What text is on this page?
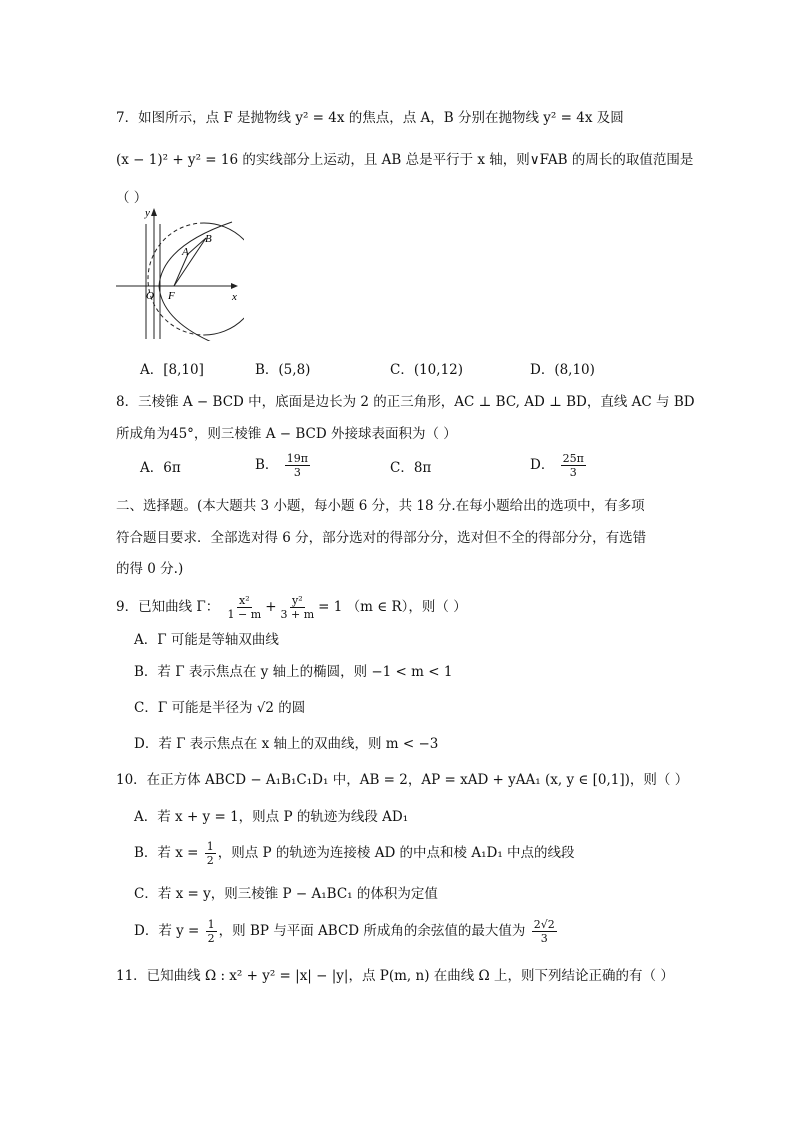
7．如图所示，点 F 是抛物线 y² = 4x 的焦点，点 A，B 分别在抛物线 y² = 4x 及圆
(x − 1)² + y² = 16 的实线部分上运动，且 AB 总是平行于 x 轴，则∨FAB 的周长的取值范围是
（ ）
y
x
O F
A
B
A．[8,10]	B．(5,8)	C．(10,12)	D．(8,10)
8．三棱锥 A − BCD 中，底面是边长为 2 的正三角形，AC ⊥ BC, AD ⊥ BD，直线 AC 与 BD
所成角为45°，则三棱锥 A − BCD 外接球表面积为（ ）
A．6π	B． $\frac{19\pi}{3}$	C．8π	D． $\frac{25\pi}{3}$
二、选择题。(本大题共 3 小题，每小题 6 分，共 18 分.在每小题给出的选项中，有多项
符合题目要求．全部选对得 6 分，部分选对的得部分分，选对但不全的得部分分，有选错
的得 0 分.)
9．已知曲线 Γ： $\frac{\text{x²}}{1 - m} + \frac{\text{y²}}{3 + m} = 1$ （m ∈ R），则（ ）
A．Γ 可能是等轴双曲线
B．若 Γ 表示焦点在 y 轴上的椭圆，则 −1 < m < 1
C．Γ 可能是半径为 √2 的圆
D．若 Γ 表示焦点在 x 轴上的双曲线，则 m < −3
10．在正方体 ABCD − A₁B₁C₁D₁ 中，AB = 2，AP = xAD + yAA₁ (x, y ∈ [0,1])，则（ ）
A．若 x + y = 1，则点 P 的轨迹为线段 AD₁
B．若 $x = \frac{1}{2}$ ，则点 P 的轨迹为连接棱 AD 的中点和棱 A₁D₁ 中点的线段
C．若 x = y，则三棱锥 P − A₁BC₁ 的体积为定值
D．若 $y = \frac{1}{2}$ ，则 BP 与平面 ABCD 所成角的余弦值的最大值为 $\frac{2√2}{3}$
11．已知曲线 Ω : x² + y² = |x| − |y|，点 P(m, n) 在曲线 Ω 上，则下列结论正确的有（ ）
